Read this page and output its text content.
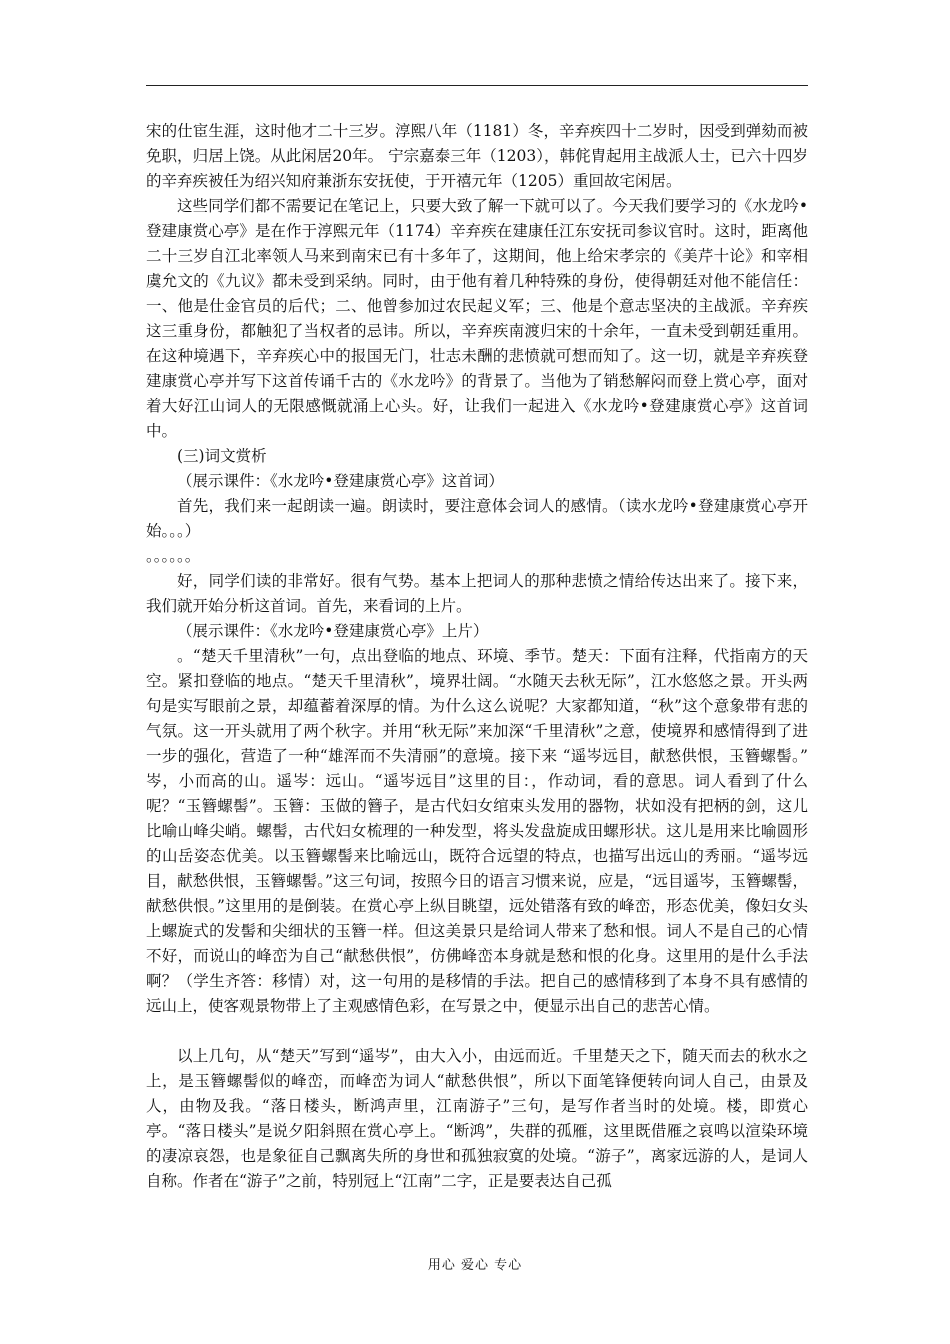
宋的仕宦生涯，这时他才二十三岁。淳熙八年（1181）冬，辛弃疾四十二岁时，因受到弹劾而被免职，归居上饶。从此闲居20年。 宁宗嘉泰三年（1203），韩侂胄起用主战派人士，已六十四岁的辛弃疾被任为绍兴知府兼浙东安抚使，于开禧元年（1205）重回故宅闲居。

这些同学们都不需要记在笔记上，只要大致了解一下就可以了。今天我们要学习的《水龙吟•登建康赏心亭》是在作于淳熙元年（1174）辛弃疾在建康任江东安抚司参议官时。这时，距离他二十三岁自江北率领人马来到南宋已有十多年了，这期间，他上给宋孝宗的《美芹十论》和宰相虞允文的《九议》都未受到采纳。同时，由于他有着几种特殊的身份，使得朝廷对他不能信任：一、他是仕金官员的后代；二、他曾参加过农民起义军；三、他是个意志坚决的主战派。辛弃疾这三重身份，都触犯了当权者的忌讳。所以，辛弃疾南渡归宋的十余年，一直未受到朝廷重用。在这种境遇下，辛弃疾心中的报国无门，壮志未酬的悲愤就可想而知了。这一切，就是辛弃疾登建康赏心亭并写下这首传诵千古的《水龙吟》的背景了。当他为了销愁解闷而登上赏心亭，面对着大好江山词人的无限感慨就涌上心头。好，让我们一起进入《水龙吟•登建康赏心亭》这首词中。

(三)词文赏析

（展示课件：《水龙吟•登建康赏心亭》这首词）

首先，我们来一起朗读一遍。朗读时，要注意体会词人的感情。（读水龙吟•登建康赏心亭开始。。。）

。。。。。。

好，同学们读的非常好。很有气势。基本上把词人的那种悲愤之情给传达出来了。接下来，我们就开始分析这首词。首先，来看词的上片。

（展示课件：《水龙吟•登建康赏心亭》上片）

。“楚天千里清秋”一句，点出登临的地点、环境、季节。楚天：下面有注释，代指南方的天空。紧扣登临的地点。“楚天千里清秋”，境界壮阔。“水随天去秋无际”，江水悠悠之景。开头两句是实写眼前之景，却蕴蓄着深厚的情。为什么这么说呢？大家都知道，“秋”这个意象带有悲的气氛。这一开头就用了两个秋字。并用“秋无际”来加深“千里清秋”之意，使境界和感情得到了进一步的强化，营造了一种“雄浑而不失清丽”的意境。接下来 “遥岑远目，献愁供恨，玉簪螺髻。” 岑，小而高的山。遥岑：远山。“遥岑远目”这里的目：，作动词，看的意思。词人看到了什么呢？“玉簪螺髻”。玉簪：玉做的簪子，是古代妇女绾束头发用的器物，状如没有把柄的剑，这儿比喻山峰尖峭。螺髻，古代妇女梳理的一种发型，将头发盘旋成田螺形状。这儿是用来比喻圆形的山岳姿态优美。以玉簪螺髻来比喻远山，既符合远望的特点，也描写出远山的秀丽。“遥岑远目，献愁供恨，玉簪螺髻。”这三句词，按照今日的语言习惯来说，应是，“远目遥岑，玉簪螺髻，献愁供恨。”这里用的是倒装。在赏心亭上纵目眺望，远处错落有致的峰峦，形态优美，像妇女头上螺旋式的发髻和尖细状的玉簪一样。但这美景只是给词人带来了愁和恨。词人不是自己的心情不好，而说山的峰峦为自己“献愁供恨”，仿佛峰峦本身就是愁和恨的化身。这里用的是什么手法啊？（学生齐答：移情）对，这一句用的是移情的手法。把自己的感情移到了本身不具有感情的远山上，使客观景物带上了主观感情色彩，在写景之中，便显示出自己的悲苦心情。

以上几句，从“楚天”写到“遥岑”，由大入小，由远而近。千里楚天之下，随天而去的秋水之上，是玉簪螺髻似的峰峦，而峰峦为词人“献愁供恨”，所以下面笔锋便转向词人自己，由景及人，由物及我。“落日楼头，断鸿声里，江南游子”三句，是写作者当时的处境。楼，即赏心亭。“落日楼头”是说夕阳斜照在赏心亭上。“断鸿”，失群的孤雁，这里既借雁之哀鸣以渲染环境的凄凉哀怨，也是象征自己飘离失所的身世和孤独寂寞的处境。“游子”，离家远游的人，是词人自称。作者在“游子”之前，特别冠上“江南”二字，正是要表达自己孤

用心 爱心 专心
